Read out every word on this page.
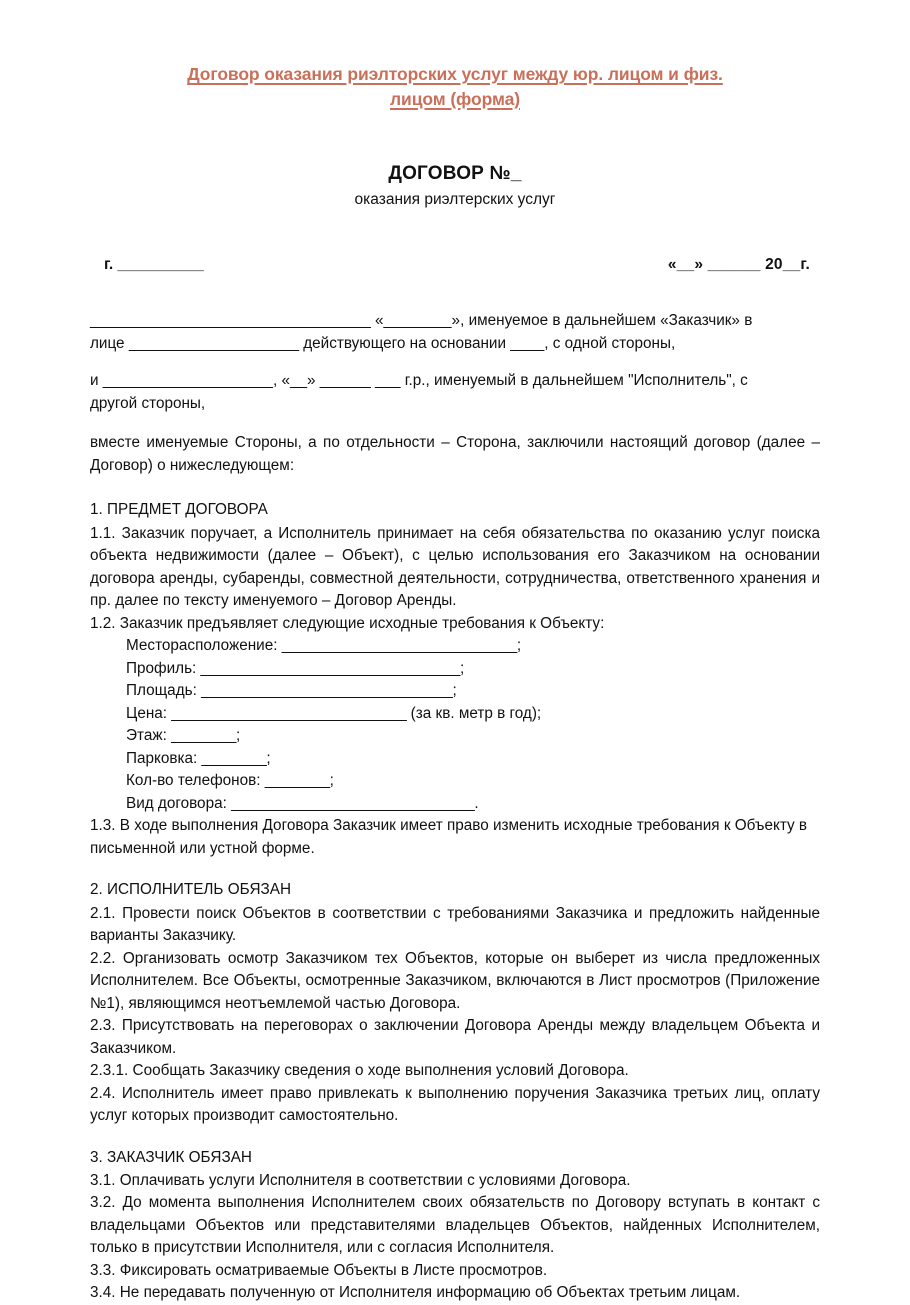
Договор оказания риэлторских услуг между юр. лицом и физ.
лицом (форма)
ДОГОВОР №_
оказания риэлтерских услуг
г. __________	«__» ______ 20__г.

_________________________________ «________», именуемое в дальнейшем «Заказчик» в
лице ____________________ действующего на основании ____, с одной стороны,

и ____________________, «__» ______ ___ г.р., именуемый в дальнейшем "Исполнитель", с
другой стороны,

вместе именуемые Стороны, а по отдельности – Сторона, заключили настоящий договор (далее – Договор) о нижеследующем:

1. ПРЕДМЕТ ДОГОВОРА

1.1. Заказчик поручает, а Исполнитель принимает на себя обязательства по оказанию услуг поиска объекта недвижимости (далее – Объект), с целью использования его Заказчиком на основании договора аренды, субаренды, совместной деятельности, сотрудничества, ответственного хранения и пр. далее по тексту именуемого – Договор Аренды.

1.2. Заказчик предъявляет следующие исходные требования к Объекту:

Месторасположение: _____________________________;
Профиль: ________________________________;
Площадь: _______________________________;
Цена: _____________________________ (за кв. метр в год);
Этаж: ________;
Парковка: ________;
Кол-во телефонов: ________;
Вид договора: ______________________________.

1.3. В ходе выполнения Договора Заказчик имеет право изменить исходные требования к Объекту в письменной или устной форме.

2. ИСПОЛНИТЕЛЬ ОБЯЗАН

2.1. Провести поиск Объектов в соответствии с требованиями Заказчика и предложить найденные варианты Заказчику.

2.2. Организовать осмотр Заказчиком тех Объектов, которые он выберет из числа предложенных Исполнителем. Все Объекты, осмотренные Заказчиком, включаются в Лист просмотров (Приложение №1), являющимся неотъемлемой частью Договора.

2.3. Присутствовать на переговорах о заключении Договора Аренды между владельцем Объекта и Заказчиком.

2.3.1. Сообщать Заказчику сведения о ходе выполнения условий Договора.

2.4. Исполнитель имеет право привлекать к выполнению поручения Заказчика третьих лиц, оплату услуг которых производит самостоятельно.

3. ЗАКАЗЧИК ОБЯЗАН

3.1. Оплачивать услуги Исполнителя в соответствии с условиями Договора.

3.2. До момента выполнения Исполнителем своих обязательств по Договору вступать в контакт с владельцами Объектов или представителями владельцев Объектов, найденных Исполнителем, только в присутствии Исполнителя, или с согласия Исполнителя.

3.3. Фиксировать осматриваемые Объекты в Листе просмотров.

3.4. Не передавать полученную от Исполнителя информацию об Объектах третьим лицам.
